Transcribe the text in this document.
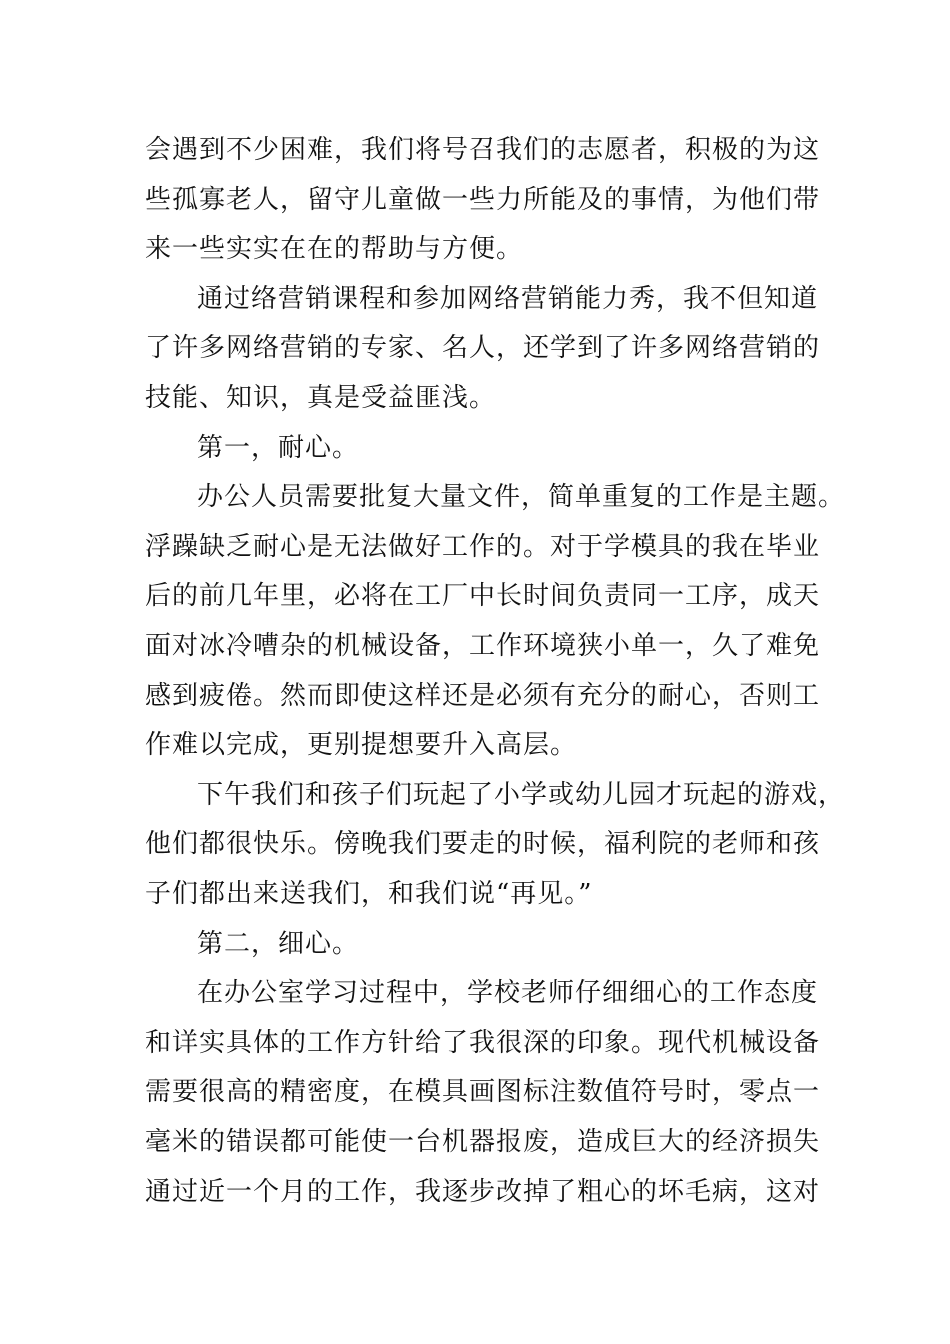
会遇到不少困难，我们将号召我们的志愿者，积极的为这
些孤寡老人，留守儿童做一些力所能及的事情，为他们带
来一些实实在在的帮助与方便。
通过络营销课程和参加网络营销能力秀，我不但知道
了许多网络营销的专家、名人，还学到了许多网络营销的
技能、知识，真是受益匪浅。
第一，耐心。
办公人员需要批复大量文件，简单重复的工作是主题。
浮躁缺乏耐心是无法做好工作的。对于学模具的我在毕业
后的前几年里，必将在工厂中长时间负责同一工序，成天
面对冰冷嘈杂的机械设备，工作环境狭小单一，久了难免
感到疲倦。然而即使这样还是必须有充分的耐心，否则工
作难以完成，更别提想要升入高层。
下午我们和孩子们玩起了小学或幼儿园才玩起的游戏，
他们都很快乐。傍晚我们要走的时候，福利院的老师和孩
子们都出来送我们，和我们说“再见。”
第二，细心。
在办公室学习过程中，学校老师仔细细心的工作态度
和详实具体的工作方针给了我很深的印象。现代机械设备
需要很高的精密度，在模具画图标注数值符号时，零点一
毫米的错误都可能使一台机器报废，造成巨大的经济损失
通过近一个月的工作，我逐步改掉了粗心的坏毛病，这对
